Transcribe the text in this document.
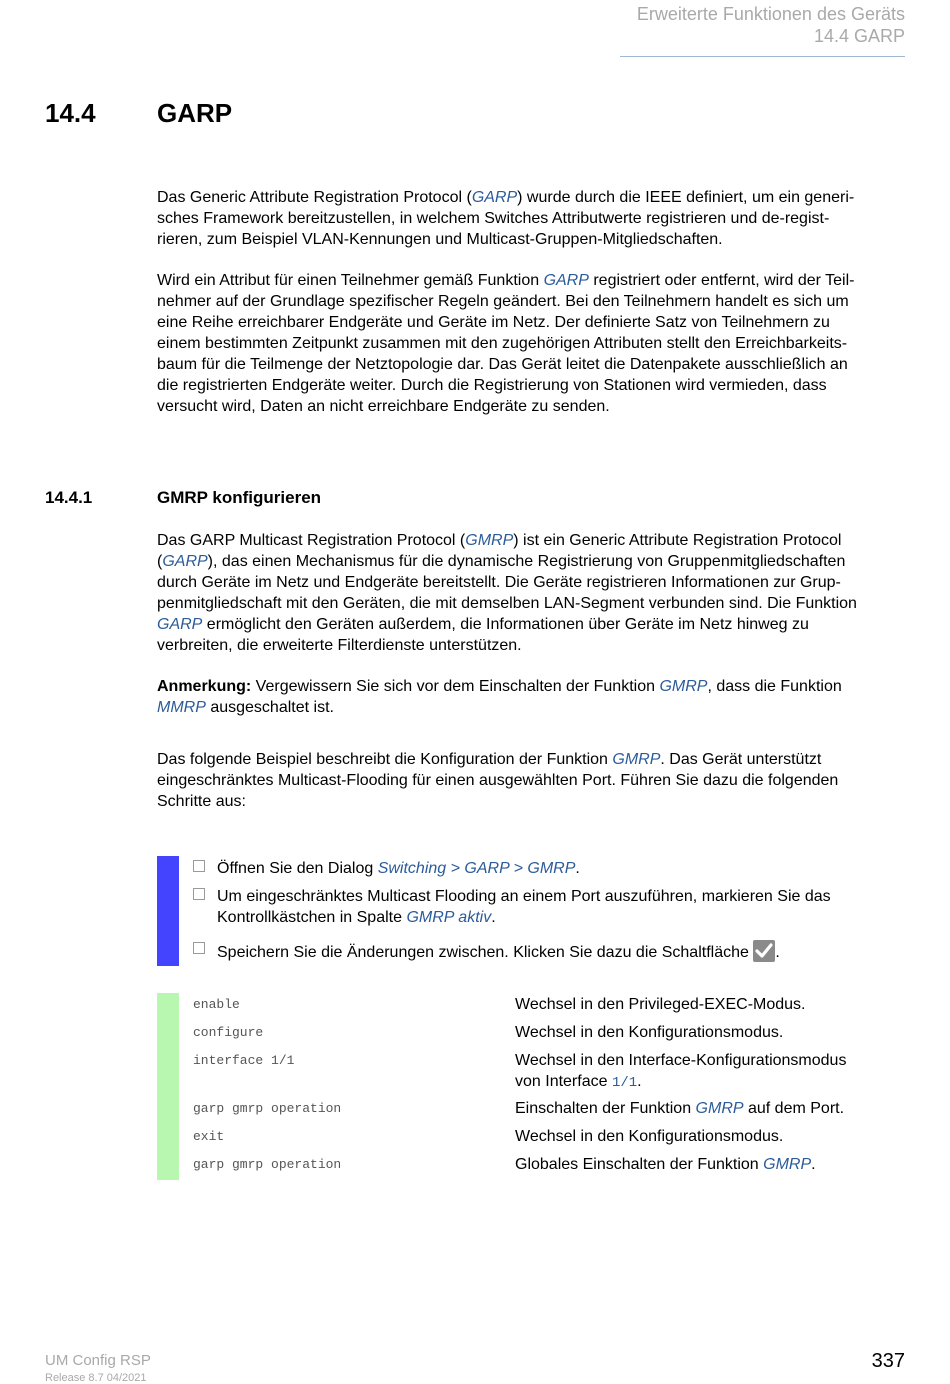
Erweiterte Funktionen des Geräts
14.4 GARP
14.4 GARP
Das Generic Attribute Registration Protocol (GARP) wurde durch die IEEE definiert, um ein generi-
sches Framework bereitzustellen, in welchem Switches Attributwerte registrieren und de-regist-
rieren, zum Beispiel VLAN-Kennungen und Multicast-Gruppen-Mitgliedschaften.
Wird ein Attribut für einen Teilnehmer gemäß Funktion GARP registriert oder entfernt, wird der Teil-
nehmer auf der Grundlage spezifischer Regeln geändert. Bei den Teilnehmern handelt es sich um
eine Reihe erreichbarer Endgeräte und Geräte im Netz. Der definierte Satz von Teilnehmern zu
einem bestimmten Zeitpunkt zusammen mit den zugehörigen Attributen stellt den Erreichbarkeits-
baum für die Teilmenge der Netztopologie dar. Das Gerät leitet die Datenpakete ausschließlich an
die registrierten Endgeräte weiter. Durch die Registrierung von Stationen wird vermieden, dass
versucht wird, Daten an nicht erreichbare Endgeräte zu senden.
14.4.1	GMRP konfigurieren
Das GARP Multicast Registration Protocol (GMRP) ist ein Generic Attribute Registration Protocol
(GARP), das einen Mechanismus für die dynamische Registrierung von Gruppenmitgliedschaften
durch Geräte im Netz und Endgeräte bereitstellt. Die Geräte registrieren Informationen zur Grup-
penmitgliedschaft mit den Geräten, die mit demselben LAN-Segment verbunden sind. Die Funktion
GARP ermöglicht den Geräten außerdem, die Informationen über Geräte im Netz hinweg zu
verbreiten, die erweiterte Filterdienste unterstützen.
Anmerkung: Vergewissern Sie sich vor dem Einschalten der Funktion GMRP, dass die Funktion
MMRP ausgeschaltet ist.
Das folgende Beispiel beschreibt die Konfiguration der Funktion GMRP. Das Gerät unterstützt
eingeschränktes Multicast-Flooding für einen ausgewählten Port. Führen Sie dazu die folgenden
Schritte aus:
Öffnen Sie den Dialog Switching > GARP > GMRP.
Um eingeschränktes Multicast Flooding an einem Port auszuführen, markieren Sie das
Kontrollkästchen in Spalte GMRP aktiv.
Speichern Sie die Änderungen zwischen. Klicken Sie dazu die Schaltfläche
.
enable	Wechsel in den Privileged-EXEC-Modus.
configure	Wechsel in den Konfigurationsmodus.
interface 1/1	Wechsel in den Interface-Konfigurationsmodus
von Interface 1/1.
garp gmrp operation	Einschalten der Funktion GMRP auf dem Port.
exit	Wechsel in den Konfigurationsmodus.
garp gmrp operation	Globales Einschalten der Funktion GMRP.
UM Config RSP
Release 8.7 04/2021
337
